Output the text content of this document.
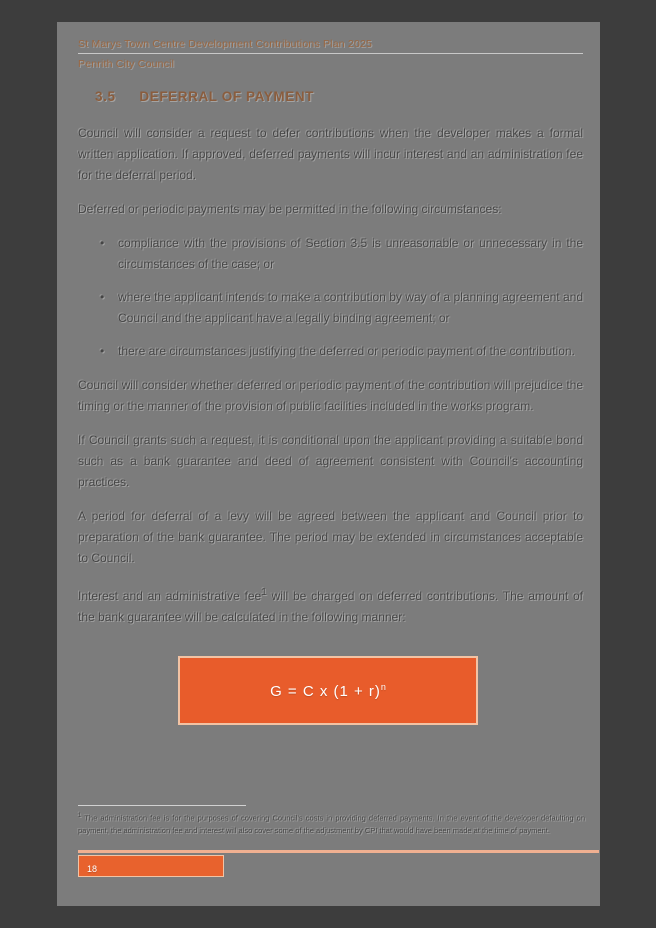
St Marys Town Centre Development Contributions Plan 2025
Penrith City Council
3.5 DEFERRAL OF PAYMENT

Council will consider a request to defer contributions when the developer makes a formal written application. If approved, deferred payments will incur interest and an administration fee for the deferral period.

Deferred or periodic payments may be permitted in the following circumstances:

• compliance with the provisions of Section 3.5 is unreasonable or unnecessary in the circumstances of the case; or
• where the applicant intends to make a contribution by way of a planning agreement and Council and the applicant have a legally binding agreement; or
• there are circumstances justifying the deferred or periodic payment of the contribution.

Council will consider whether deferred or periodic payment of the contribution will prejudice the timing or the manner of the provision of public facilities included in the works program.

If Council grants such a request, it is conditional upon the applicant providing a suitable bond such as a bank guarantee and deed of agreement consistent with Council's accounting practices.

A period for deferral of a levy will be agreed between the applicant and Council prior to preparation of the bank guarantee. The period may be extended in circumstances acceptable to Council.

Interest and an administrative fee$^1$ will be charged on deferred contributions. The amount of the bank guarantee will be calculated in the following manner:

G = C x $(1 + r)^n$
$^1$ The administration fee is for the purposes of covering Council's costs in providing deferred payments. In the event of the developer defaulting on payment, the administration fee and interest will also cover some of the adjustment by CPI that would have been made at the time of payment.
18
